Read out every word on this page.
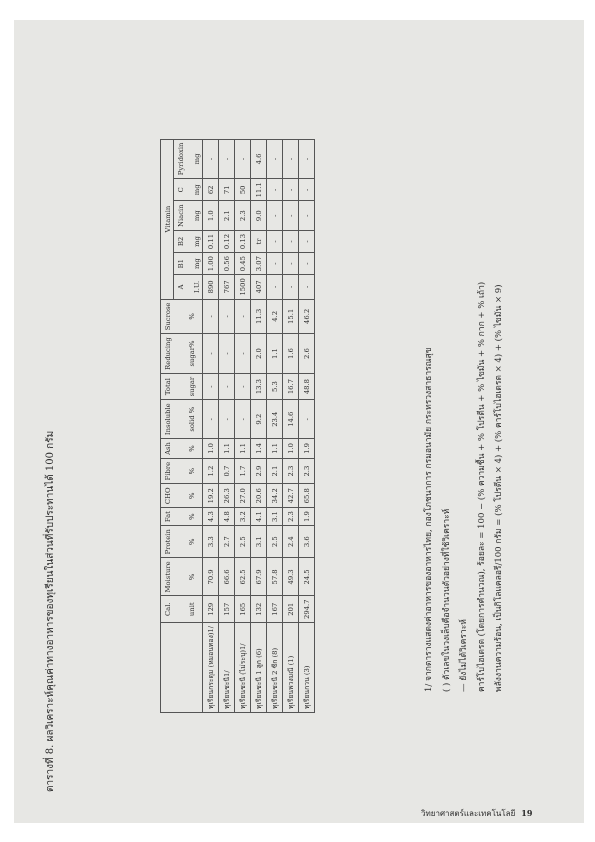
ตารางที่ 8. ผลวิเคราะห์คุณค่าทางอาหารของทุเรียนในส่วนที่รับประทานได้ 100 กรัม
		Cal. unit	Moisture %	Protein %	Fat %	CHO %	Fibre %	Ash %	Insoluble solid %	Total sugar	Reducing sugar%	Sucrose %	Vitamin					
												A I.U.	B1 mg	B2 mg	Niacin mg	C mg	Pyridoxin mg
ทุเรียนกระดุม (หมอนทอง)1/	129	70.9	3.3	4.3	19.2	1.2	1.0	-	-	-	-	890	1.00	0.11	1.0	62	-
ทุเรียนชะนี1/	157	66.6	2.7	4.8	26.3	0.7	1.1	-	-	-	-	767	0.56	0.12	2.1	71	-
ทุเรียนชะนี (ไม่ระบุ)1/	165	62.5	2.5	3.2	27.0	1.7	1.1	-	-	-	-	1500	0.45	0.13	2.3	50	-
ทุเรียนชะนี 1 ลูก (6)	132	67.9	3.1	4.1	20.6	2.9	1.4	9.2	13.3	2.0	11.3	407	3.07	tr	9.0	11.1	4.6
ทุเรียนชะนี 2 ซีก (8)	167	57.8	2.5	3.1	34.2	2.1	1.1	23.4	5.3	1.1	4.2	-	-	-	-	-	-
ทุเรียนพวงมณี (1)	201	49.3	2.4	2.3	42.7	2.3	1.0	14.6	16.7	1.6	15.1	-	-	-	-	-	-
ทุเรียนกวน (3)	294.7	24.5	3.6	1.9	65.8	2.3	1.9	-	48.8	2.6	46.2	-	-	-	-	-	-
1/ จากตารางแสดงค่าอาหารของอาหารไทย, กองโภชนาการ กรมอนามัย กระทรวงสาธารณสุข ( ) ตัวเลขในวงเล็บคือจำนวนตัวอย่างที่ใช้วิเคราะห์ — ยังไม่ได้วิเคราะห์ คาร์โบไฮเดรต (โดยการคำนวณ), ร้อยละ = 100 − (% ความชื้น + % โปรตีน + % ไขมัน + % กาก + % เถ้า) พลังงานความร้อน, เป็นกิโลแคลอรี/100 กรัม = (% โปรตีน × 4) + (% คาร์โบไฮเดรต × 4) + (% ไขมัน × 9)
วิทยาศาสตร์และเทคโนโลยี 19
